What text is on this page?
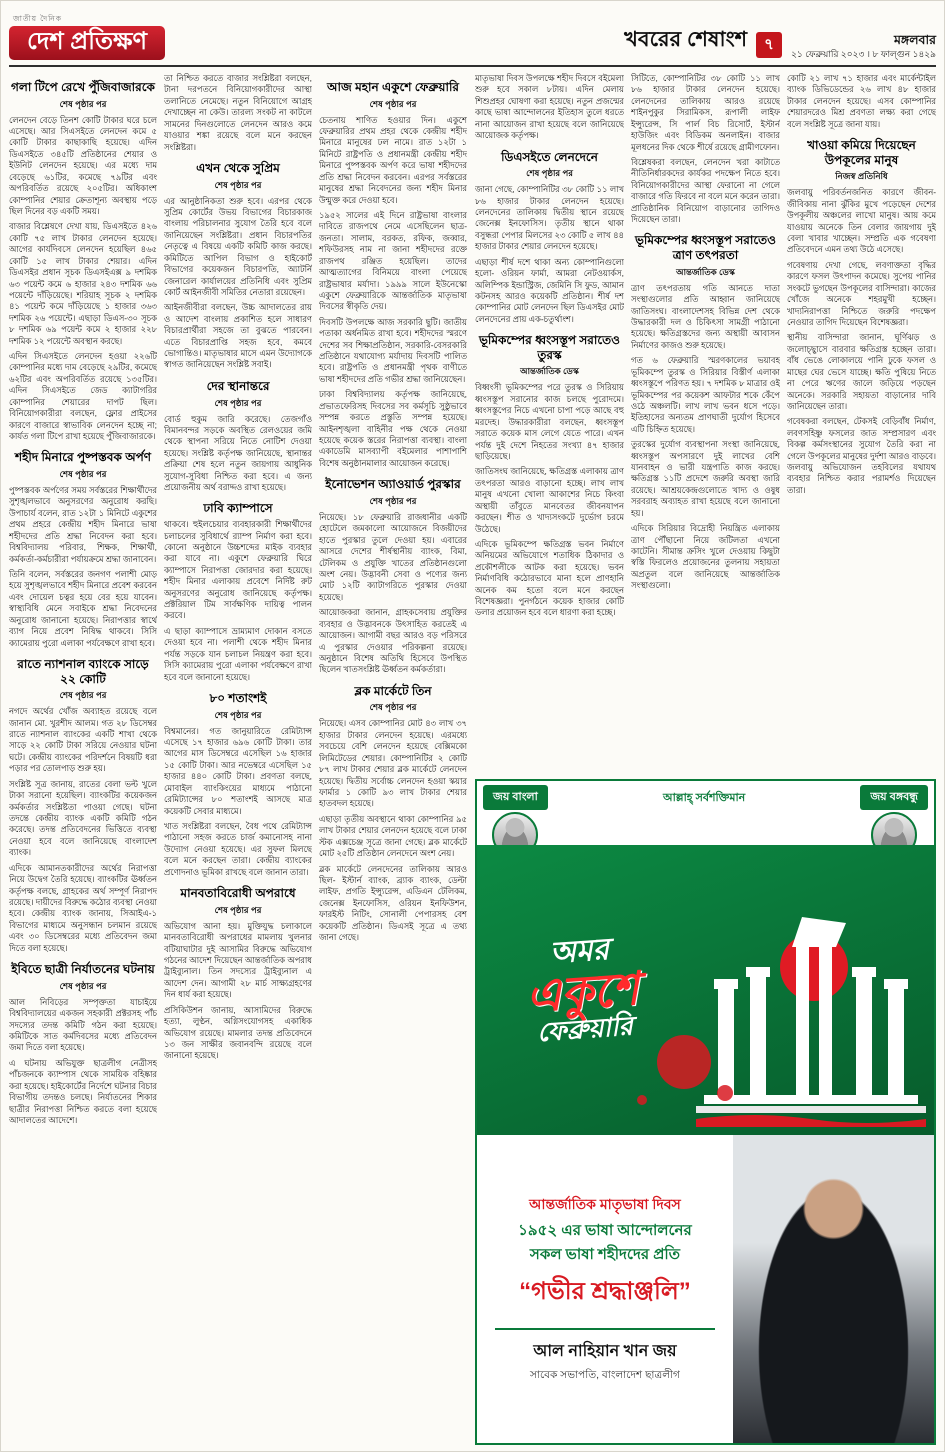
জাতীয় দৈনিক
দেশ প্রতিক্ষণ	খবরের শেষাংশ	৭	মঙ্গলবার
২১ ফেব্রুয়ারি ২০২৩ । ৮ ফাল্গুন ১৪২৯
গলা টিপে রেখে পুঁজিবাজারকে
শেষ পৃষ্ঠার পর
লেনদেন বেড়ে তিনশ কোটি টাকার ঘরে চলে এসেছে। আর সিএসইতে লেনদেন কমে ৫ কোটি টাকার কাছাকাছি হয়েছে। এদিন ডিএসইতে ৩৪৫টি প্রতিষ্ঠানের শেয়ার ও ইউনিট লেনদেন হয়েছে। এর মধ্যে দাম বেড়েছে ৬১টির, কমেছে ৭৯টির এবং অপরিবর্তিত রয়েছে ২০৫টির। অধিকাংশ কোম্পানির শেয়ার ক্রেতাশূন্য অবস্থায় পড়ে ছিল দিনের বড় একটি সময়।
বাজার বিশ্লেষণে দেখা যায়, ডিএসইতে ৪২৬ কোটি ৭৫ লাখ টাকার লেনদেন হয়েছে। আগের কার্যদিবসে লেনদেন হয়েছিল ৪৬৫ কোটি ১৫ লাখ টাকার শেয়ার। এদিন ডিএসইর প্রধান সূচক ডিএসইএক্স ৯ দশমিক ৬৩ পয়েন্ট কমে ৬ হাজার ২৪৩ দশমিক ৬৬ পয়েন্টে দাঁড়িয়েছে। শরিয়াহ সূচক ২ দশমিক ৪১ পয়েন্ট কমে দাঁড়িয়েছে ১ হাজার ৩৬৩ দশমিক ২৬ পয়েন্টে। এছাড়া ডিএস-৩০ সূচক ৮ দশমিক ৬৯ পয়েন্ট কমে ২ হাজার ২২৮ দশমিক ১২ পয়েন্টে অবস্থান করছে।
এদিন সিএসইতে লেনদেন হওয়া ২২৬টি কোম্পানির মধ্যে দাম বেড়েছে ২৯টির, কমেছে ৬২টির এবং অপরিবর্তিত রয়েছে ১৩৫টির। এদিন সিএসইতে জেড ক্যাটাগরির কোম্পানির শেয়ারের দাপট ছিল। বিনিয়োগকারীরা বলছেন, ফ্লোর প্রাইসের কারণে বাজারে স্বাভাবিক লেনদেন হচ্ছে না; কার্যত গলা টিপে রাখা হয়েছে পুঁজিবাজারকে।
শহীদ মিনারে পুষ্পস্তবক অর্পণ
শেষ পৃষ্ঠার পর
পুষ্পস্তবক অর্পণের সময় সর্বস্তরের শিক্ষার্থীদের সুশৃঙ্খলভাবে অনুসরণের অনুরোধ করছি। উপাচার্য বলেন, রাত ১২টা ১ মিনিটে একুশের প্রথম প্রহরে কেন্দ্রীয় শহীদ মিনারে ভাষা শহীদদের প্রতি শ্রদ্ধা নিবেদন করা হবে। বিশ্ববিদ্যালয় পরিবার, শিক্ষক, শিক্ষার্থী, কর্মকর্তা-কর্মচারীরা পর্যায়ক্রমে শ্রদ্ধা জানাবেন।
তিনি বলেন, সর্বস্তরের জনগণ পলাশী মোড় হয়ে সুশৃঙ্খলভাবে শহীদ মিনারে প্রবেশ করবেন এবং দোয়েল চত্বর হয়ে বের হয়ে যাবেন। স্বাস্থ্যবিধি মেনে সবাইকে শ্রদ্ধা নিবেদনের অনুরোধ জানানো হয়েছে। নিরাপত্তার স্বার্থে ব্যাগ নিয়ে প্রবেশ নিষিদ্ধ থাকবে। সিসি ক্যামেরায় পুরো এলাকা পর্যবেক্ষণে রাখা হবে।
রাতে ন্যাশনাল ব্যাংকে সাড়ে ২২ কোটি
শেষ পৃষ্ঠার পর
নগদে অর্থের খোঁজ অব্যাহত রয়েছে বলে জানান মো. খুরশীদ আলম। গত ২৮ ডিসেম্বর রাতে ন্যাশনাল ব্যাংকের একটি শাখা থেকে সাড়ে ২২ কোটি টাকা সরিয়ে নেওয়ার ঘটনা ঘটে। কেন্দ্রীয় ব্যাংকের পরিদর্শনে বিষয়টি ধরা পড়ার পর তোলপাড় শুরু হয়।
সংশ্লিষ্ট সূত্র জানায়, রাতের বেলা ভল্ট খুলে টাকা সরানো হয়েছিল। ব্যাংকটির কয়েকজন কর্মকর্তার সংশ্লিষ্টতা পাওয়া গেছে। ঘটনা তদন্তে কেন্দ্রীয় ব্যাংক একটি কমিটি গঠন করেছে। তদন্ত প্রতিবেদনের ভিত্তিতে ব্যবস্থা নেওয়া হবে বলে জানিয়েছে বাংলাদেশ ব্যাংক।
এদিকে আমানতকারীদের অর্থের নিরাপত্তা নিয়ে উদ্বেগ তৈরি হয়েছে। ব্যাংকটির ঊর্ধ্বতন কর্তৃপক্ষ বলছে, গ্রাহকের অর্থ সম্পূর্ণ নিরাপদ রয়েছে। দায়ীদের বিরুদ্ধে কঠোর ব্যবস্থা নেওয়া হবে। কেন্দ্রীয় ব্যাংক জানায়, সিআইএ-১ বিভাগের মাধ্যমে অনুসন্ধান চলমান রয়েছে এবং ৩০ ডিসেম্বরের মধ্যে প্রতিবেদন জমা দিতে বলা হয়েছে।
ইবিতে ছাত্রী নির্যাতনের ঘটনায়
শেষ পৃষ্ঠার পর
আল নিবিড়ের সম্পৃক্ততা যাচাইয়ে বিশ্ববিদ্যালয়ের একজন সহকারী প্রক্টরসহ পাঁচ সদস্যের তদন্ত কমিটি গঠন করা হয়েছে। কমিটিকে সাত কর্মদিবসের মধ্যে প্রতিবেদন জমা দিতে বলা হয়েছে।
এ ঘটনায় অভিযুক্ত ছাত্রলীগ নেত্রীসহ পাঁচজনকে ক্যাম্পাস থেকে সাময়িক বহিষ্কার করা হয়েছে। হাইকোর্টের নির্দেশে ঘটনার বিচার বিভাগীয় তদন্তও চলছে। নির্যাতনের শিকার ছাত্রীর নিরাপত্তা নিশ্চিত করতে বলা হয়েছে আদালতের আদেশে।
তা নিশ্চিত করতে বাজার সংশ্লিষ্টরা বলছেন, টানা দরপতনে বিনিয়োগকারীদের আস্থা তলানিতে নেমেছে। নতুন বিনিয়োগে আগ্রহ দেখাচ্ছেন না কেউ। তারল্য সংকট না কাটলে সামনের দিনগুলোতে লেনদেন আরও কমে যাওয়ার শঙ্কা রয়েছে বলে মনে করছেন সংশ্লিষ্টরা।
এখন থেকে সুপ্রিম
শেষ পৃষ্ঠার পর
এর আনুষ্ঠানিকতা শুরু হবে। এরপর থেকে সুপ্রিম কোর্টের উভয় বিভাগের বিচারকাজ বাংলায় পরিচালনার সুযোগ তৈরি হবে বলে জানিয়েছেন সংশ্লিষ্টরা। প্রধান বিচারপতির নেতৃত্বে এ বিষয়ে একটি কমিটি কাজ করছে। কমিটিতে আপিল বিভাগ ও হাইকোর্ট বিভাগের কয়েকজন বিচারপতি, অ্যাটর্নি জেনারেল কার্যালয়ের প্রতিনিধি এবং সুপ্রিম কোর্ট আইনজীবী সমিতির নেতারা রয়েছেন।
আইনজীবীরা বলছেন, উচ্চ আদালতের রায় ও আদেশ বাংলায় প্রকাশিত হলে সাধারণ বিচারপ্রার্থীরা সহজে তা বুঝতে পারবেন। এতে বিচারপ্রাপ্তি সহজ হবে, কমবে ভোগান্তিও। মাতৃভাষার মাসে এমন উদ্যোগকে স্বাগত জানিয়েছেন সংশ্লিষ্ট সবাই।
দের স্থানান্তরে
শেষ পৃষ্ঠার পর
বোর্ড হুকুম জারি করেছে। তেজগাঁও বিমানবন্দর সড়কে অবস্থিত রেলওয়ের জমি থেকে স্থাপনা সরিয়ে নিতে নোটিশ দেওয়া হয়েছে। সংশ্লিষ্ট কর্তৃপক্ষ জানিয়েছে, স্থানান্তর প্রক্রিয়া শেষ হলে নতুন জায়গায় আধুনিক সুযোগ-সুবিধা নিশ্চিত করা হবে। এ জন্য প্রয়োজনীয় অর্থ বরাদ্দও রাখা হয়েছে।
ঢাবি ক্যাম্পাসে
থাকবে। হুইলচেয়ার ব্যবহারকারী শিক্ষার্থীদের চলাচলের সুবিধার্থে র‌্যাম্প নির্মাণ করা হবে। কোনো অনুষ্ঠানে উচ্চশব্দের মাইক ব্যবহার করা যাবে না। একুশে ফেব্রুয়ারি ঘিরে ক্যাম্পাসে নিরাপত্তা জোরদার করা হয়েছে। শহীদ মিনার এলাকায় প্রবেশে নির্দিষ্ট রুট অনুসরণের অনুরোধ জানিয়েছে কর্তৃপক্ষ। প্রক্টরিয়াল টিম সার্বক্ষণিক দায়িত্ব পালন করবে।
এ ছাড়া ক্যাম্পাসে ভ্রাম্যমাণ দোকান বসতে দেওয়া হবে না। পলাশী থেকে শহীদ মিনার পর্যন্ত সড়কে যান চলাচল নিয়ন্ত্রণ করা হবে। সিসি ক্যামেরায় পুরো এলাকা পর্যবেক্ষণে রাখা হবে বলে জানানো হয়েছে।
৮০ শতাংশই
শেষ পৃষ্ঠার পর
বিশ্বমানের। গত জানুয়ারিতে রেমিট্যান্স এসেছে ১৭ হাজার ৬৯৬ কোটি টাকা। তার আগের মাস ডিসেম্বরে এসেছিল ১৬ হাজার ১৫ কোটি টাকা। আর নভেম্বরে এসেছিল ১৫ হাজার ৪৪০ কোটি টাকা। প্রবণতা বলছে, মোবাইল ব্যাংকিংয়ের মাধ্যমে পাঠানো রেমিট্যান্সের ৮০ শতাংশই আসছে মাত্র কয়েকটি সেবার মাধ্যমে।
খাত সংশ্লিষ্টরা বলছেন, বৈধ পথে রেমিট্যান্স পাঠানো সহজ করতে চার্জ কমানোসহ নানা উদ্যোগ নেওয়া হয়েছে। এর সুফল মিলছে বলে মনে করছেন তারা। কেন্দ্রীয় ব্যাংকের প্রণোদনাও ভূমিকা রাখছে বলে জানান তারা।
মানবতাবিরোধী অপরাধে
শেষ পৃষ্ঠার পর
অভিযোগ আনা হয়। মুক্তিযুদ্ধ চলাকালে মানবতাবিরোধী অপরাধের মামলায় খুলনার বটিয়াঘাটার দুই আসামির বিরুদ্ধে অভিযোগ গঠনের আদেশ দিয়েছেন আন্তর্জাতিক অপরাধ ট্রাইব্যুনাল। তিন সদস্যের ট্রাইব্যুনাল এ আদেশ দেন। আগামী ২৮ মার্চ সাক্ষ্যগ্রহণের দিন ধার্য করা হয়েছে।
প্রসিকিউশন জানায়, আসামিদের বিরুদ্ধে হত্যা, লুণ্ঠন, অগ্নিসংযোগসহ একাধিক অভিযোগ রয়েছে। মামলার তদন্ত প্রতিবেদনে ১৩ জন সাক্ষীর জবানবন্দি রয়েছে বলে জানানো হয়েছে।
আজ মহান একুশে ফেব্রুয়ারি
শেষ পৃষ্ঠার পর
চেতনায় শাণিত হওয়ার দিন। একুশে ফেব্রুয়ারির প্রথম প্রহর থেকে কেন্দ্রীয় শহীদ মিনারে মানুষের ঢল নামে। রাত ১২টা ১ মিনিটে রাষ্ট্রপতি ও প্রধানমন্ত্রী কেন্দ্রীয় শহীদ মিনারে পুষ্পস্তবক অর্পণ করে ভাষা শহীদদের প্রতি শ্রদ্ধা নিবেদন করবেন। এরপর সর্বস্তরের মানুষের শ্রদ্ধা নিবেদনের জন্য শহীদ মিনার উন্মুক্ত করে দেওয়া হবে।
১৯৫২ সালের এই দিনে রাষ্ট্রভাষা বাংলার দাবিতে রাজপথে নেমে এসেছিলেন ছাত্র-জনতা। সালাম, বরকত, রফিক, জব্বার, শফিউরসহ নাম না জানা শহীদদের রক্তে রাজপথ রঞ্জিত হয়েছিল। তাদের আত্মত্যাগের বিনিময়ে বাংলা পেয়েছে রাষ্ট্রভাষার মর্যাদা। ১৯৯৯ সালে ইউনেস্কো একুশে ফেব্রুয়ারিকে আন্তর্জাতিক মাতৃভাষা দিবসের স্বীকৃতি দেয়।
দিবসটি উপলক্ষে আজ সরকারি ছুটি। জাতীয় পতাকা অর্ধনমিত রাখা হবে। শহীদদের স্মরণে দেশের সব শিক্ষাপ্রতিষ্ঠান, সরকারি-বেসরকারি প্রতিষ্ঠানে যথাযোগ্য মর্যাদায় দিবসটি পালিত হবে। রাষ্ট্রপতি ও প্রধানমন্ত্রী পৃথক বাণীতে ভাষা শহীদদের প্রতি গভীর শ্রদ্ধা জানিয়েছেন।
ঢাকা বিশ্ববিদ্যালয় কর্তৃপক্ষ জানিয়েছে, প্রভাতফেরিসহ দিবসের সব কর্মসূচি সুষ্ঠুভাবে সম্পন্ন করতে প্রস্তুতি সম্পন্ন হয়েছে। আইনশৃঙ্খলা বাহিনীর পক্ষ থেকে নেওয়া হয়েছে কয়েক স্তরের নিরাপত্তা ব্যবস্থা। বাংলা একাডেমি মাসব্যাপী বইমেলার পাশাপাশি বিশেষ অনুষ্ঠানমালার আয়োজন করেছে।
ইনোভেশন অ্যাওয়ার্ড পুরস্কার
শেষ পৃষ্ঠার পর
নিয়েছে। ১৮ ফেব্রুয়ারি রাজধানীর একটি হোটেলে জমকালো আয়োজনে বিজয়ীদের হাতে পুরস্কার তুলে দেওয়া হয়। এবারের আসরে দেশের শীর্ষস্থানীয় ব্যাংক, বিমা, টেলিকম ও প্রযুক্তি খাতের প্রতিষ্ঠানগুলো অংশ নেয়। উদ্ভাবনী সেবা ও পণ্যের জন্য মোট ১২টি ক্যাটাগরিতে পুরস্কার দেওয়া হয়েছে।
আয়োজকরা জানান, গ্রাহকসেবায় প্রযুক্তির ব্যবহার ও উদ্ভাবনকে উৎসাহিত করতেই এ আয়োজন। আগামী বছর আরও বড় পরিসরে এ পুরস্কার দেওয়ার পরিকল্পনা রয়েছে। অনুষ্ঠানে বিশেষ অতিথি হিসেবে উপস্থিত ছিলেন খাতসংশ্লিষ্ট ঊর্ধ্বতন কর্মকর্তারা।
ব্লক মার্কেটে তিন
শেষ পৃষ্ঠার পর
নিয়েছে। এসব কোম্পানির মোট ৪৩ লাখ ৩৭ হাজার টাকার লেনদেন হয়েছে। এরমধ্যে সবচেয়ে বেশি লেনদেন হয়েছে বেক্সিমকো লিমিটেডের শেয়ার। কোম্পানিটির ২ কোটি ৮৭ লাখ টাকার শেয়ার ব্লক মার্কেটে লেনদেন হয়েছে। দ্বিতীয় সর্বোচ্চ লেনদেন হওয়া স্কয়ার ফার্মার ১ কোটি ৯৩ লাখ টাকার শেয়ার হাতবদল হয়েছে।
এছাড়া তৃতীয় অবস্থানে থাকা কোম্পানির ৯৫ লাখ টাকার শেয়ার লেনদেন হয়েছে বলে ঢাকা স্টক এক্সচেঞ্জ সূত্রে জানা গেছে। ব্লক মার্কেটে মোট ২৫টি প্রতিষ্ঠান লেনদেনে অংশ নেয়।
ব্লক মার্কেটে লেনদেনের তালিকায় আরও ছিল- ইস্টার্ন ব্যাংক, ব্র্যাক ব্যাংক, ডেল্টা লাইফ, প্রগতি ইন্স্যুরেন্স, এডিএন টেলিকম, জেনেক্স ইনফোসিস, ওরিয়ন ইনফিউশন, ফারইস্ট নিটিং, সোনালী পেপারসহ বেশ কয়েকটি প্রতিষ্ঠান। ডিএসই সূত্রে এ তথ্য জানা গেছে।
মাতৃভাষা দিবস উপলক্ষে শহীদ দিবসে বইমেলা শুরু হবে সকাল ৮টায়। এদিন মেলায় শিশুপ্রহর ঘোষণা করা হয়েছে। নতুন প্রজন্মের কাছে ভাষা আন্দোলনের ইতিহাস তুলে ধরতে নানা আয়োজন রাখা হয়েছে বলে জানিয়েছে আয়োজক কর্তৃপক্ষ।
ডিএসইতে লেনদেনে
শেষ পৃষ্ঠার পর
জানা গেছে, কোম্পানিটির ৩৮ কোটি ১১ লাখ ৮৬ হাজার টাকার লেনদেন হয়েছে। লেনদেনের তালিকায় দ্বিতীয় স্থানে রয়েছে জেনেক্স ইনফোসিস। তৃতীয় স্থানে থাকা বসুন্ধরা পেপার মিলসের ২৩ কোটি ৫ লাখ ৪৪ হাজার টাকার শেয়ার লেনদেন হয়েছে।
এছাড়া শীর্ষ দশে থাকা অন্য কোম্পানিগুলো হলো- ওরিয়ন ফার্মা, আমরা নেটওয়ার্কস, অলিম্পিক ইন্ডাস্ট্রিজ, জেমিনি সি ফুড, আমান কটনসহ আরও কয়েকটি প্রতিষ্ঠান। শীর্ষ দশ কোম্পানির মোট লেনদেন ছিল ডিএসইর মোট লেনদেনের প্রায় এক-চতুর্থাংশ।
ভূমিকম্পের ধ্বংসস্তূপ সরাতেও তুরস্ক
আন্তর্জাতিক ডেস্ক
বিধ্বংসী ভূমিকম্পের পরে তুরস্ক ও সিরিয়ায় ধ্বংসস্তূপ সরানোর কাজ চলছে পুরোদমে। ধ্বংসস্তূপের নিচে এখনো চাপা পড়ে আছে বহু মরদেহ। উদ্ধারকারীরা বলছেন, ধ্বংসস্তূপ সরাতে কয়েক মাস লেগে যেতে পারে। এখন পর্যন্ত দুই দেশে নিহতের সংখ্যা ৪৭ হাজার ছাড়িয়েছে।
জাতিসংঘ জানিয়েছে, ক্ষতিগ্রস্ত এলাকায় ত্রাণ তৎপরতা আরও বাড়ানো হচ্ছে। লাখ লাখ মানুষ এখনো খোলা আকাশের নিচে কিংবা অস্থায়ী তাঁবুতে মানবেতর জীবনযাপন করছেন। শীত ও খাদ্যসংকটে দুর্ভোগ চরমে উঠেছে।
এদিকে ভূমিকম্পে ক্ষতিগ্রস্ত ভবন নির্মাণে অনিয়মের অভিযোগে শতাধিক ঠিকাদার ও প্রকৌশলীকে আটক করা হয়েছে। ভবন নির্মাণবিধি কঠোরভাবে মানা হলে প্রাণহানি অনেক কম হতো বলে মনে করছেন বিশেষজ্ঞরা। পুনর্গঠনে কয়েক হাজার কোটি ডলার প্রয়োজন হবে বলে ধারণা করা হচ্ছে।
সিটিতে, কোম্পানিটির ৩৮ কোটি ১১ লাখ ৮৬ হাজার টাকার লেনদেন হয়েছে। লেনদেনের তালিকায় আরও রয়েছে শাইনপুকুর সিরামিকস, রূপালী লাইফ ইন্স্যুরেন্স, সি পার্ল বিচ রিসোর্ট, ইস্টার্ন হাউজিং এবং বিডিকম অনলাইন। বাজার মূলধনের দিক থেকে শীর্ষে রয়েছে গ্রামীণফোন।
বিশ্লেষকরা বলছেন, লেনদেন খরা কাটাতে নীতিনির্ধারকদের কার্যকর পদক্ষেপ নিতে হবে। বিনিয়োগকারীদের আস্থা ফেরানো না গেলে বাজারে গতি ফিরবে না বলে মনে করেন তারা। প্রাতিষ্ঠানিক বিনিয়োগ বাড়ানোর তাগিদও দিয়েছেন তারা।
ভূমিকম্পের ধ্বংসস্তূপ সরাতেও ত্রাণ তৎপরতা
আন্তর্জাতিক ডেস্ক
ত্রাণ তৎপরতায় গতি আনতে দাতা সংস্থাগুলোর প্রতি আহ্বান জানিয়েছে জাতিসংঘ। বাংলাদেশসহ বিভিন্ন দেশ থেকে উদ্ধারকারী দল ও চিকিৎসা সামগ্রী পাঠানো হয়েছে। ক্ষতিগ্রস্তদের জন্য অস্থায়ী আবাসন নির্মাণের কাজও শুরু হয়েছে।
গত ৬ ফেব্রুয়ারি স্মরণকালের ভয়াবহ ভূমিকম্পে তুরস্ক ও সিরিয়ার বিস্তীর্ণ এলাকা ধ্বংসস্তূপে পরিণত হয়। ৭ দশমিক ৮ মাত্রার ওই ভূমিকম্পের পর কয়েকশ আফটার শকে কেঁপে ওঠে অঞ্চলটি। লাখ লাখ ভবন ধসে পড়ে। ইতিহাসের অন্যতম প্রাণঘাতী দুর্যোগ হিসেবে এটি চিহ্নিত হয়েছে।
তুরস্কের দুর্যোগ ব্যবস্থাপনা সংস্থা জানিয়েছে, ধ্বংসস্তূপ অপসারণে দুই লাখের বেশি যানবাহন ও ভারী যন্ত্রপাতি কাজ করছে। ক্ষতিগ্রস্ত ১১টি প্রদেশে জরুরি অবস্থা জারি রয়েছে। আশ্রয়কেন্দ্রগুলোতে খাদ্য ও ওষুধ সরবরাহ অব্যাহত রাখা হয়েছে বলে জানানো হয়।
এদিকে সিরিয়ার বিদ্রোহী নিয়ন্ত্রিত এলাকায় ত্রাণ পৌঁছানো নিয়ে জটিলতা এখনো কাটেনি। সীমান্ত ক্রসিং খুলে দেওয়ায় কিছুটা স্বস্তি ফিরলেও প্রয়োজনের তুলনায় সহায়তা অপ্রতুল বলে জানিয়েছে আন্তর্জাতিক সংস্থাগুলো।
কোটি ২১ লাখ ৭১ হাজার এবং মার্কেন্টাইল ব্যাংক ডিভিডেন্ডের ২৬ লাখ ৪৮ হাজার টাকার লেনদেন হয়েছে। এসব কোম্পানির শেয়ারদরেও মিশ্র প্রবণতা লক্ষ্য করা গেছে বলে সংশ্লিষ্ট সূত্রে জানা যায়।
খাওয়া কমিয়ে দিয়েছেন উপকূলের মানুষ
নিজস্ব প্রতিনিধি
জলবায়ু পরিবর্তনজনিত কারণে জীবন-জীবিকায় নানা ঝুঁকির মুখে পড়েছেন দেশের উপকূলীয় অঞ্চলের লাখো মানুষ। আয় কমে যাওয়ায় অনেকে তিন বেলার জায়গায় দুই বেলা খাবার খাচ্ছেন। সম্প্রতি এক গবেষণা প্রতিবেদনে এমন তথ্য উঠে এসেছে।
গবেষণায় দেখা গেছে, লবণাক্ততা বৃদ্ধির কারণে ফসল উৎপাদন কমেছে। সুপেয় পানির সংকটে ভুগছেন উপকূলের বাসিন্দারা। কাজের খোঁজে অনেকে শহরমুখী হচ্ছেন। খাদ্যনিরাপত্তা নিশ্চিতে জরুরি পদক্ষেপ নেওয়ার তাগিদ দিয়েছেন বিশেষজ্ঞরা।
স্থানীয় বাসিন্দারা জানান, ঘূর্ণিঝড় ও জলোচ্ছ্বাসে বারবার ক্ষতিগ্রস্ত হচ্ছেন তারা। বাঁধ ভেঙে লোকালয়ে পানি ঢুকে ফসল ও মাছের ঘের ভেসে যাচ্ছে। ক্ষতি পুষিয়ে নিতে না পেরে ঋণের জালে জড়িয়ে পড়ছেন অনেকে। সরকারি সহায়তা বাড়ানোর দাবি জানিয়েছেন তারা।
গবেষকরা বলছেন, টেকসই বেড়িবাঁধ নির্মাণ, লবণসহিষ্ণু ফসলের জাত সম্প্রসারণ এবং বিকল্প কর্মসংস্থানের সুযোগ তৈরি করা না গেলে উপকূলের মানুষের দুর্দশা আরও বাড়বে। জলবায়ু অভিযোজন তহবিলের যথাযথ ব্যবহার নিশ্চিত করার পরামর্শও দিয়েছেন তারা।
জয় বাংলা	আল্লাহ্‌ সর্বশক্তিমান	জয় বঙ্গবন্ধু
অমর
একুশে
ফেব্রুয়ারি
আন্তর্জাতিক মাতৃভাষা দিবস
১৯৫২ এর ভাষা আন্দোলনের
সকল ভাষা শহীদদের প্রতি
“গভীর শ্রদ্ধাঞ্জলি”
আল নাহিয়ান খান জয়
সাবেক সভাপতি, বাংলাদেশ ছাত্রলীগ
